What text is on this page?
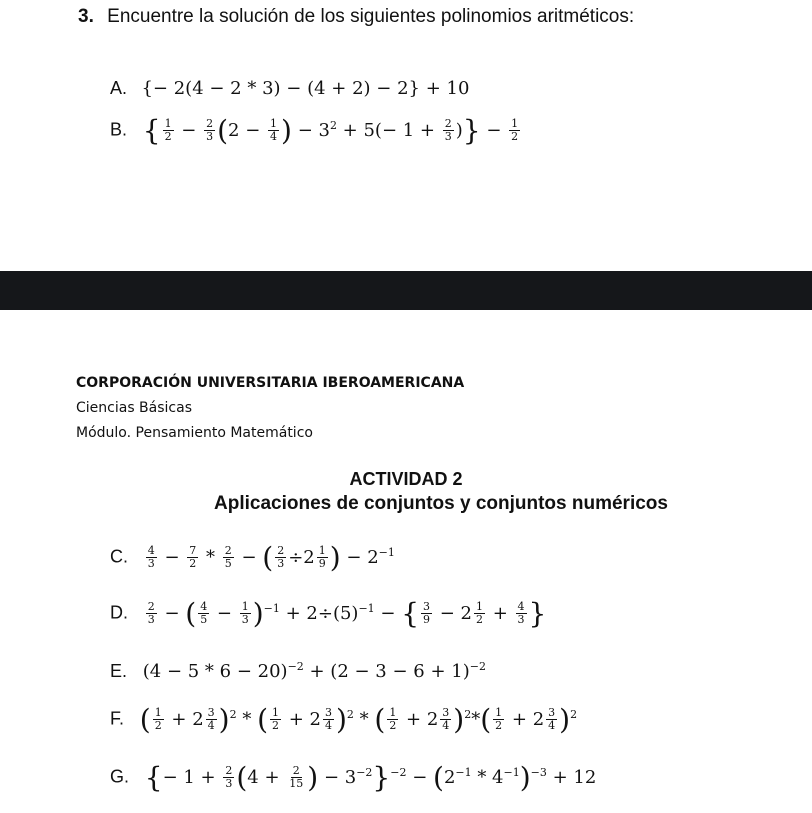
3. Encuentre la solución de los siguientes polinomios aritméticos:
A. {− 2(4 − 2 * 3) − (4 + 2) − 2} + 10
B. { $\frac{1}{2} - \frac{2}{3} (2 - \frac{1}{4}$ ) − $3^2 + 5(- 1 + \frac{2}{3}$ )} − $\frac{1}{2}$
CORPORACIÓN UNIVERSITARIA IBEROAMERICANA
Ciencias Básicas
Módulo. Pensamiento Matemático
ACTIVIDAD 2
Aplicaciones de conjuntos y conjuntos numéricos
C. $\frac{4}{3} - \frac{7}{2} * \frac{2}{5}$ − ( $\frac{2}{3} \div 2 \frac{1}{9}$ ) − $2^{-1}$
D. $\frac{2}{3}$ − ( $\frac{4}{5} - \frac{1}{3} )^{-1} + 2\div(5)^{-1}$ − { $\frac{3}{9} - 2 \frac{1}{2} + \frac{4}{3}$ }
E. $(4 - 5 * 6 - 20)^{-2} + (2 - 3 - 6 + 1)^{-2}$
F. ( $\frac{1}{2} + 2 \frac{3}{4} )^2$ * ( $\frac{1}{2} + 2 \frac{3}{4} )^2$ * ( $\frac{1}{2} + 2 \frac{3}{4} )^2*( \frac{1}{2} + 2 \frac{3}{4} )^2$
G. {− $1 + \frac{2}{3} (4 + \frac{2}{15}$ ) − $3^{-2}\}^{-2} - (2^{-1} * 4^{-1})^{-3} + 12$
